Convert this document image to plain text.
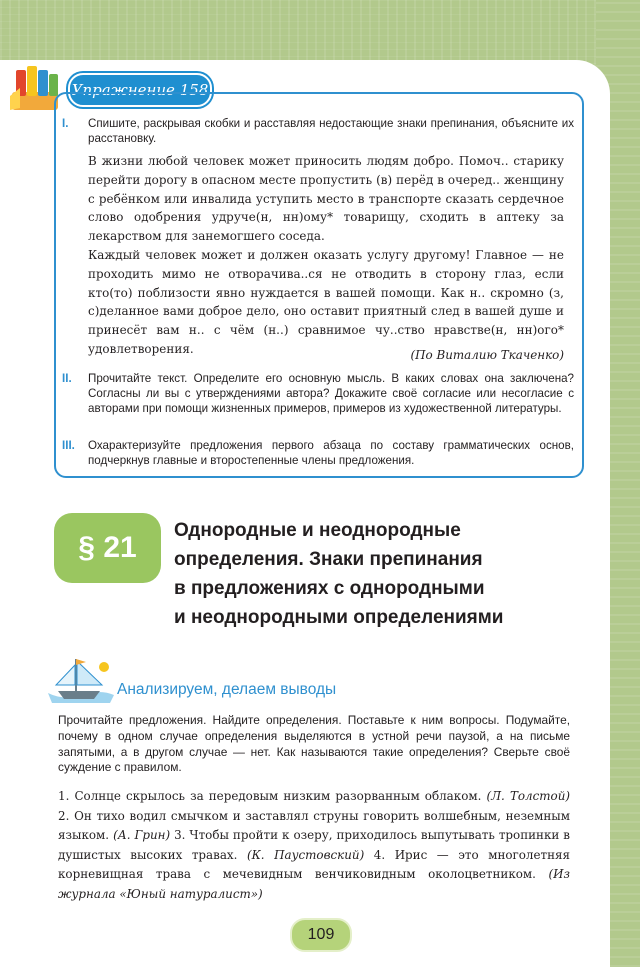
Упражнение 158
I. Спишите, раскрывая скобки и расставляя недостающие знаки препинания, объясните их расстановку.

В жизни любой человек может приносить людям добро. Помоч.. старику перейти дорогу в опасном месте пропустить (в) перёд в очеред.. женщину с ребёнком или инвалида уступить место в транспорте сказать сердечное слово одобрения удруче(н, нн)ому* товарищу, сходить в аптеку за лекарством для занемогшего соседа.

Каждый человек может и должен оказать услугу другому! Главное — не проходить мимо не отворачива..ся не отводить в сторону глаз, если кто(то) поблизости явно нуждается в вашей помощи. Как н.. скромно (з, с)деланное вами доброе дело, оно оставит приятный след в вашей душе и принесёт вам н.. с чём (н..) сравнимое чу..ство нравстве(н, нн)ого* удовлетворения.	(По Виталию Ткаченко)
II. Прочитайте текст. Определите его основную мысль. В каких словах она заключена? Согласны ли вы с утверждениями автора? Докажите своё согласие или несогласие с авторами при помощи жизненных примеров, примеров из художественной литературы.
III. Охарактеризуйте предложения первого абзаца по составу грамматических основ, подчеркнув главные и второстепенные члены предложения.
§ 21
Однородные и неоднородные
определения. Знаки препинания
в предложениях с однородными
и неоднородными определениями
Анализируем, делаем выводы
Прочитайте предложения. Найдите определения. Поставьте к ним вопросы. Подумайте, почему в одном случае определения выделяются в устной речи паузой, а на письме запятыми, а в другом случае — нет. Как называются такие определения? Сверьте своё суждение с правилом.
1. Солнце скрылось за передовым низким разорванным облаком. (Л. Толстой) 2. Он тихо водил смычком и заставлял струны говорить волшебным, неземным языком. (А. Грин) 3. Чтобы пройти к озеру, приходилось выпутывать тропинки в душистых высоких травах. (К. Паустовский) 4. Ирис — это многолетняя корневищная трава с мечевидным венчиковидным околоцветником. (Из журнала «Юный натуралист»)
109
